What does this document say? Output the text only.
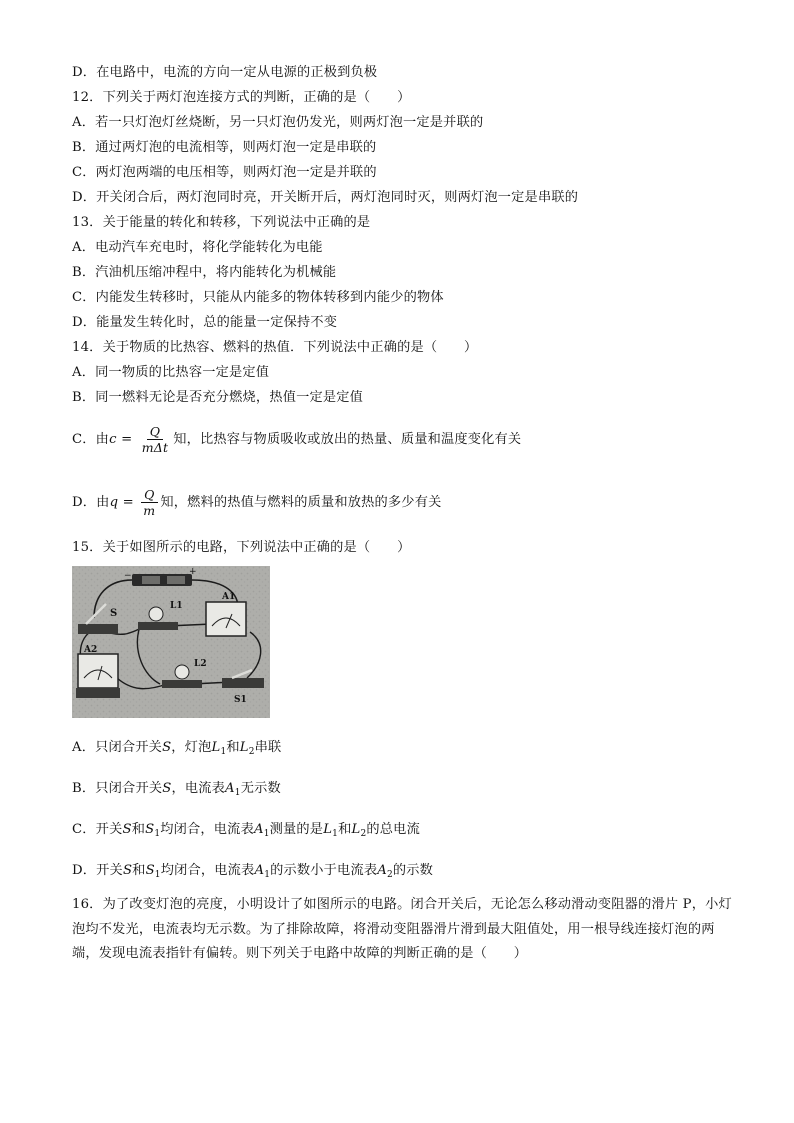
D．在电路中，电流的方向一定从电源的正极到负极
12．下列关于两灯泡连接方式的判断，正确的是（　　）
A．若一只灯泡灯丝烧断，另一只灯泡仍发光，则两灯泡一定是并联的
B．通过两灯泡的电流相等，则两灯泡一定是串联的
C．两灯泡两端的电压相等，则两灯泡一定是并联的
D．开关闭合后，两灯泡同时亮，开关断开后，两灯泡同时灭，则两灯泡一定是串联的
13．关于能量的转化和转移，下列说法中正确的是
A．电动汽车充电时，将化学能转化为电能
B．汽油机压缩冲程中，将内能转化为机械能
C．内能发生转移时，只能从内能多的物体转移到内能少的物体
D．能量发生转化时，总的能量一定保持不变
14．关于物质的比热容、燃料的热值．下列说法中正确的是（　　）
A．同一物质的比热容一定是定值
B．同一燃料无论是否充分燃烧，热值一定是定值
C．由$c = \frac{Q}{\text{mΔt}}$ 知，比热容与物质吸收或放出的热量、质量和温度变化有关
D．由$q = \frac{Q}{m}$ 知，燃料的热值与燃料的质量和放热的多少有关
15．关于如图所示的电路，下列说法中正确的是（　　）
−	+
S
L1
A1
A2
L2
S1
A．只闭合开关S，灯泡$L_1$和$L_2$串联
B．只闭合开关S，电流表$A_1$无示数
C．开关S和$S_1$均闭合，电流表$A_1$测量的是$L_1$和$L_2$的总电流
D．开关S和$S_1$均闭合，电流表$A_1$的示数小于电流表$A_2$的示数
16．为了改变灯泡的亮度，小明设计了如图所示的电路。闭合开关后，无论怎么移动滑动变阻器的滑片 P，小灯泡均不发光，电流表均无示数。为了排除故障，将滑动变阻器滑片滑到最大阻值处，用一根导线连接灯泡的两端，发现电流表指针有偏转。则下列关于电路中故障的判断正确的是（　　）
